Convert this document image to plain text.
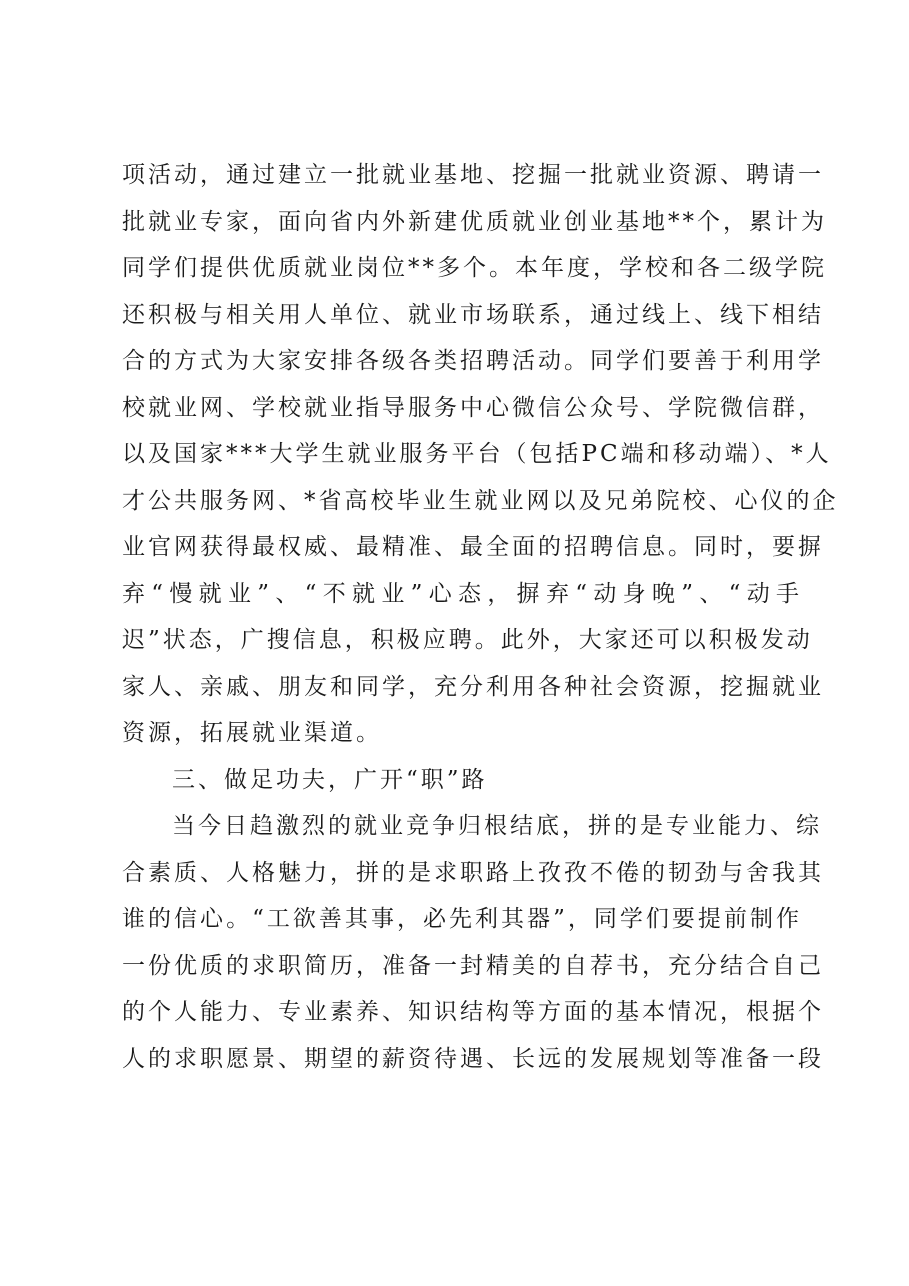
项活动，通过建立一批就业基地、挖掘一批就业资源、聘请一
批就业专家，面向省内外新建优质就业创业基地**个，累计为
同学们提供优质就业岗位**多个。本年度，学校和各二级学院
还积极与相关用人单位、就业市场联系，通过线上、线下相结
合的方式为大家安排各级各类招聘活动。同学们要善于利用学
校就业网、学校就业指导服务中心微信公众号、学院微信群，
以及国家***大学生就业服务平台（包括PC端和移动端）、*人
才公共服务网、*省高校毕业生就业网以及兄弟院校、心仪的企
业官网获得最权威、最精准、最全面的招聘信息。同时，要摒
弃“慢就业”、“不就业”心态，摒弃“动身晚”、“动手
迟”状态，广搜信息，积极应聘。此外，大家还可以积极发动
家人、亲戚、朋友和同学，充分利用各种社会资源，挖掘就业
资源，拓展就业渠道。
三、做足功夫，广开“职”路
当今日趋激烈的就业竞争归根结底，拼的是专业能力、综
合素质、人格魅力，拼的是求职路上孜孜不倦的韧劲与舍我其
谁的信心。“工欲善其事，必先利其器”，同学们要提前制作
一份优质的求职简历，准备一封精美的自荐书，充分结合自己
的个人能力、专业素养、知识结构等方面的基本情况，根据个
人的求职愿景、期望的薪资待遇、长远的发展规划等准备一段
